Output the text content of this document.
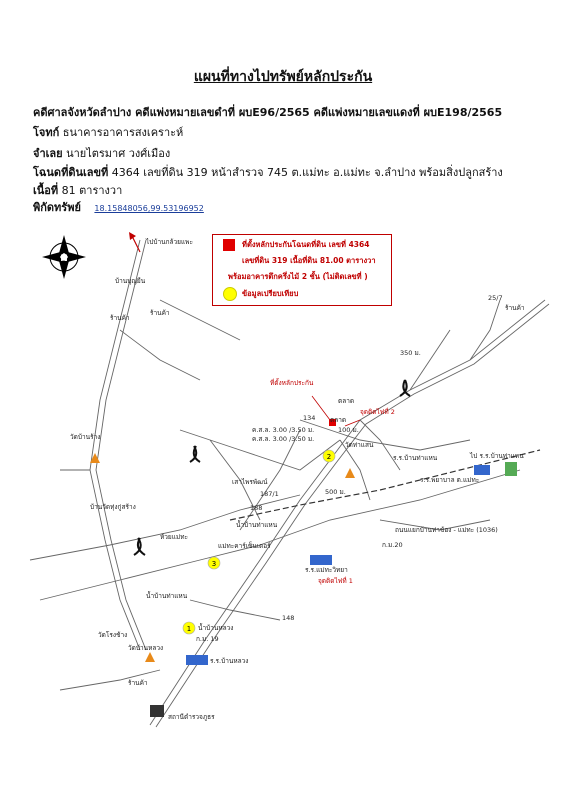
แผนที่ทางไปทรัพย์หลักประกัน
คดีศาลจังหวัดลำปาง คดีแพ่งหมายเลขดำที่ ผบE96/2565 คดีแพ่งหมายเลขแดงที่ ผบE198/2565
โจทก์ ธนาคารอาคารสงเคราะห์
จำเลย นายไตรมาศ วงศ์เมือง
โฉนดที่ดินเลขที่ 4364 เลขที่ดิน 319 หน้าสำรวจ 745 ต.แม่ทะ อ.แม่ทะ จ.ลำปาง พร้อมสิ่งปลูกสร้าง
เนื้อที่ 81 ตารางวา
พิกัดทรัพย์ 18.15848056,99.53196952
N
2
3
1
ไปบ้านกล้วยแพะ
บ้านบุญยืน
ร้านค้า
ร้านค้า
วัดบ้านร้าง
บ้านวัดทุ่งกู่สร้าง
350 ม.
25/7
ร้านค้า
ที่ตั้งหลักประกัน
ตลาด
ตลาด
จุดติดไฟที่ 2
134
100 ม.
ค.ส.ล. 3.00 /3.50 ม.
ค.ส.ล. 3.00 /3.50 ม.
วัดท่าแสน
ไป ร.ร.บ้านท่าแหน
ร.ร.บ้านท่าแหน
ร.ร.พยาบาล ต.แม่ทะ
เสาไพรพัฒน์
187/1
188
500 ม.
น้ำบ้านท่าแหน
ห้วยแม่ทะ
แม่ทะคาร์เซ็นเตอร์
ถนนแยกบ้านท่าข้อง - แม่ทะ (1036)
ก.ม.20
ร.ร.แม่ทะวิทยา
จุดติดไฟที่ 1
น้ำบ้านท่าแหน
148
น้ำบ้านหลวง
ก.ม. 19
วัดโรงช้าง
วัดบ้านหลวง
ร.ร.บ้านหลวง
ร้านค้า
สถานีตำรวจภูธร
ที่ตั้งหลักประกันโฉนดที่ดิน เลขที่ 4364
เลขที่ดิน 319 เนื้อที่ดิน 81.00 ตารางวา
พร้อมอาคารตึกครึ่งไม้ 2 ชั้น (ไม่ติดเลขที่ )
ข้อมูลเปรียบเทียบ
